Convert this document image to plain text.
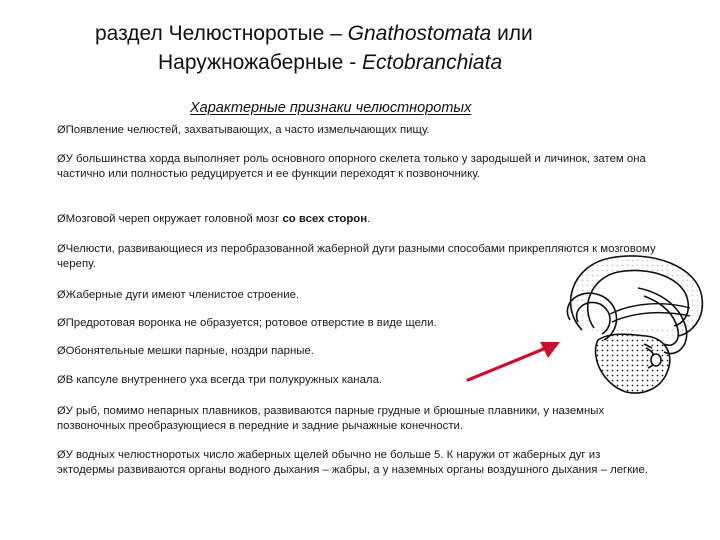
раздел Челюстноротые – Gnathostomata или
Наружножаберные - Ectobranchiata
Характерные признаки челюстноротых
ØПоявление челюстей, захватывающих, а часто измельчающих пищу.
ØУ большинства хорда выполняет роль основного опорного скелета только у зародышей и личинок, затем она частично или полностью редуцируется и ее функции переходят к позвоночнику.
ØМозговой череп окружает головной мозг со всех сторон.
ØЧелюсти, развивающиеся из перобразованной жаберной дуги разными способами прикрепляются к мозговому черепу.
ØЖаберные дуги имеют членистое строение.
ØПредротовая воронка не образуется; ротовое отверстие в виде щели.
ØОбонятельные мешки парные, ноздри парные.
ØВ капсуле внутреннего уха всегда три полукружных канала.
ØУ рыб, помимо непарных плавников, развиваются парные грудные и брюшные плавники, у наземных позвоночных преобразующиеся в передние и задние рычажные конечности.
ØУ водных челюстноротых число жаберных щелей обычно не больше 5. К наружи от жаберных дуг из эктодермы развиваются органы водного дыхания – жабры, а у наземных органы воздушного дыхания – легкие.
